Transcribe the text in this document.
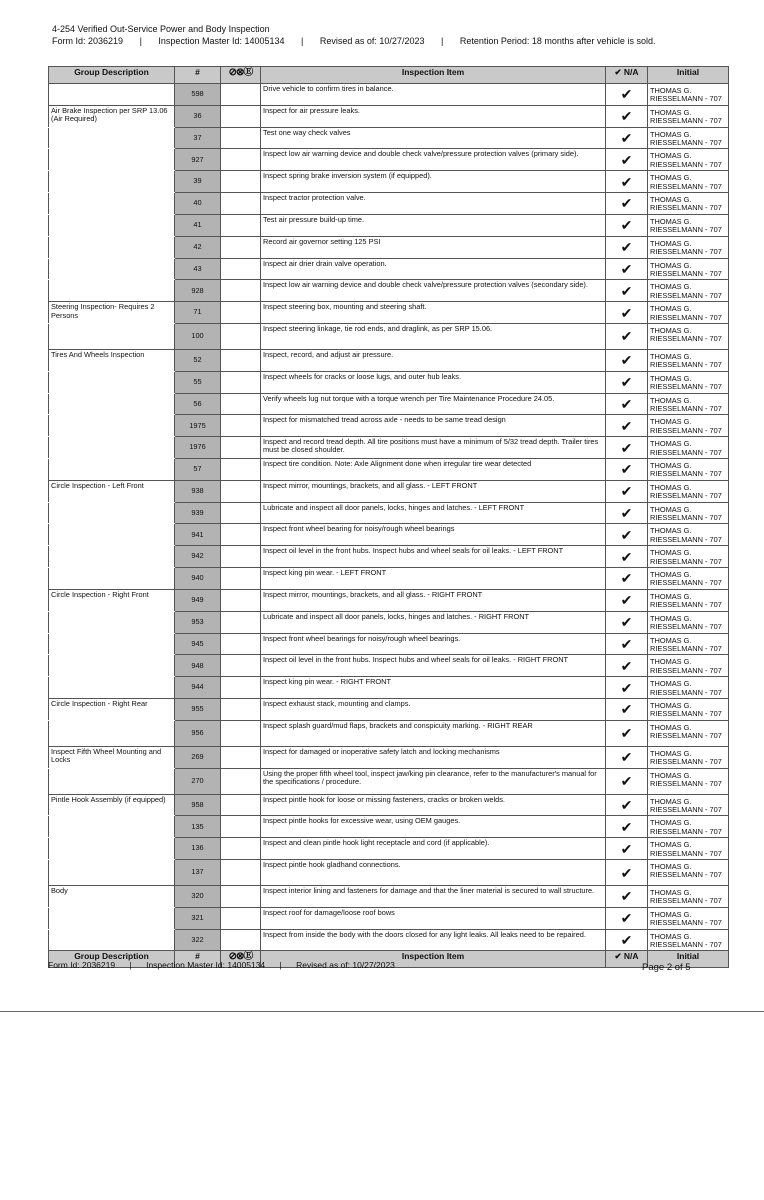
4-254 Verified Out-Service Power and Body Inspection
Form Id: 2036219 | Inspection Master Id: 14005134 | Revised as of: 10/27/2023 | Retention Period: 18 months after vehicle is sold.
Group Description	#	⊘⊗Ⓔ	Inspection Item	✔ N/A	Initial
	598		Drive vehicle to confirm tires in balance.	✔	THOMAS G. RIESSELMANN - 707
Air Brake Inspection per SRP 13.06 (Air Required)	36		Inspect for air pressure leaks.	✔	THOMAS G. RIESSELMANN - 707
	37		Test one way check valves	✔	THOMAS G. RIESSELMANN - 707
	927		Inspect low air warning device and double check valve/pressure protection valves (primary side).	✔	THOMAS G. RIESSELMANN - 707
	39		Inspect spring brake inversion system (if equipped).	✔	THOMAS G. RIESSELMANN - 707
	40		Inspect tractor protection valve.	✔	THOMAS G. RIESSELMANN - 707
	41		Test air pressure build-up time.	✔	THOMAS G. RIESSELMANN - 707
	42		Record air governor setting 125 PSI	✔	THOMAS G. RIESSELMANN - 707
	43		Inspect air drier drain valve operation.	✔	THOMAS G. RIESSELMANN - 707
	928		Inspect low air warning device and double check valve/pressure protection valves (secondary side).	✔	THOMAS G. RIESSELMANN - 707
Steering Inspection- Requires 2 Persons	71		Inspect steering box, mounting and steering shaft.	✔	THOMAS G. RIESSELMANN - 707
	100		Inspect steering linkage, tie rod ends, and draglink, as per SRP 15.06.	✔	THOMAS G. RIESSELMANN - 707
Tires And Wheels Inspection	52		Inspect, record, and adjust air pressure.	✔	THOMAS G. RIESSELMANN - 707
	55		Inspect wheels for cracks or loose lugs, and outer hub leaks.	✔	THOMAS G. RIESSELMANN - 707
	56		Verify wheels lug nut torque with a torque wrench per Tire Maintenance Procedure 24.05.	✔	THOMAS G. RIESSELMANN - 707
	1975		Inspect for mismatched tread across axle - needs to be same tread design	✔	THOMAS G. RIESSELMANN - 707
	1976		Inspect and record tread depth. All tire positions must have a minimum of 5/32 tread depth. Trailer tires must be closed shoulder.	✔	THOMAS G. RIESSELMANN - 707
	57		Inspect tire condition. Note: Axle Alignment done when irregular tire wear detected	✔	THOMAS G. RIESSELMANN - 707
Circle Inspection - Left Front	938		Inspect mirror, mountings, brackets, and all glass. - LEFT FRONT	✔	THOMAS G. RIESSELMANN - 707
	939		Lubricate and inspect all door panels, locks, hinges and latches. - LEFT FRONT	✔	THOMAS G. RIESSELMANN - 707
	941		Inspect front wheel bearing for noisy/rough wheel bearings	✔	THOMAS G. RIESSELMANN - 707
	942		Inspect oil level in the front hubs. Inspect hubs and wheel seals for oil leaks. - LEFT FRONT	✔	THOMAS G. RIESSELMANN - 707
	940		Inspect king pin wear. - LEFT FRONT	✔	THOMAS G. RIESSELMANN - 707
Circle Inspection - Right Front	949		Inspect mirror, mountings, brackets, and all glass. - RIGHT FRONT	✔	THOMAS G. RIESSELMANN - 707
	953		Lubricate and inspect all door panels, locks, hinges and latches. - RIGHT FRONT	✔	THOMAS G. RIESSELMANN - 707
	945		Inspect front wheel bearings for noisy/rough wheel bearings.	✔	THOMAS G. RIESSELMANN - 707
	948		Inspect oil level in the front hubs. Inspect hubs and wheel seals for oil leaks. - RIGHT FRONT	✔	THOMAS G. RIESSELMANN - 707
	944		Inspect king pin wear. - RIGHT FRONT	✔	THOMAS G. RIESSELMANN - 707
Circle Inspection - Right Rear	955		Inspect exhaust stack, mounting and clamps.	✔	THOMAS G. RIESSELMANN - 707
	956		Inspect splash guard/mud flaps, brackets and conspicuity marking. - RIGHT REAR	✔	THOMAS G. RIESSELMANN - 707
Inspect Fifth Wheel Mounting and Locks	269		Inspect for damaged or inoperative safety latch and locking mechanisms	✔	THOMAS G. RIESSELMANN - 707
	270		Using the proper fifth wheel tool, inspect jaw/king pin clearance, refer to the manufacturer's manual for the specifications / procedure.	✔	THOMAS G. RIESSELMANN - 707
Pintle Hook Assembly (if equipped)	958		Inspect pintle hook for loose or missing fasteners, cracks or broken welds.	✔	THOMAS G. RIESSELMANN - 707
	135		Inspect pintle hooks for excessive wear, using OEM gauges.	✔	THOMAS G. RIESSELMANN - 707
	136		Inspect and clean pintle hook light receptacle and cord (if applicable).	✔	THOMAS G. RIESSELMANN - 707
	137		Inspect pintle hook gladhand connections.	✔	THOMAS G. RIESSELMANN - 707
Body	320		Inspect interior lining and fasteners for damage and that the liner material is secured to wall structure.	✔	THOMAS G. RIESSELMANN - 707
	321		Inspect roof for damage/loose roof bows	✔	THOMAS G. RIESSELMANN - 707
	322		Inspect from inside the body with the doors closed for any light leaks. All leaks need to be repaired.	✔	THOMAS G. RIESSELMANN - 707
Group Description	#	⊘⊗Ⓔ	Inspection Item	✔ N/A	Initial
Form Id: 2036219 | Inspection Master Id: 14005134 | Revised as of: 10/27/2023	Page 2 of 5
